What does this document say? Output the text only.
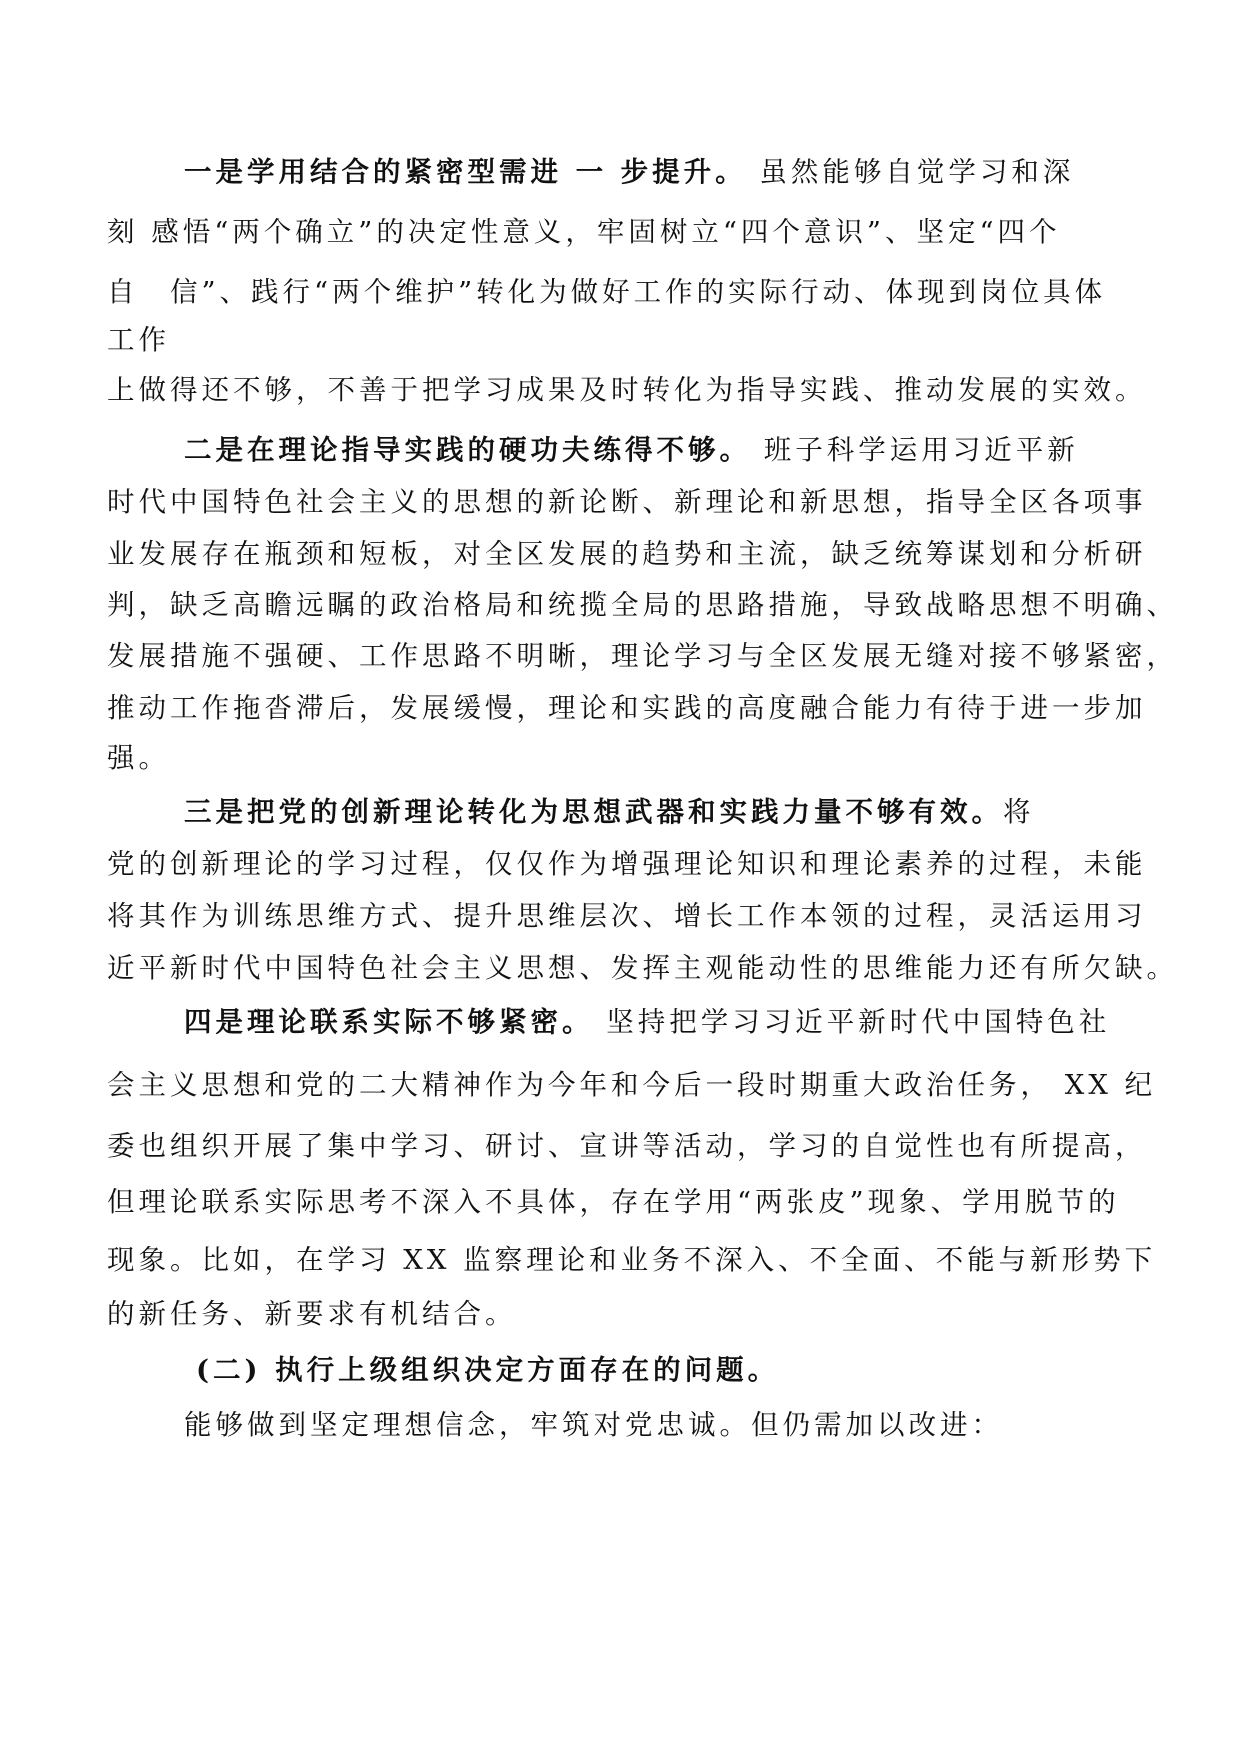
一是学用结合的紧密型需进 一 步提升。 虽然能够自觉学习和深

刻 感悟“两个确立”的决定性意义，牢固树立“四个意识”、坚定“四个

自　信”、践行“两个维护”转化为做好工作的实际行动、体现到岗位具体

工作

上做得还不够，不善于把学习成果及时转化为指导实践、推动发展的实效。

二是在理论指导实践的硬功夫练得不够。 班子科学运用习近平新

时代中国特色社会主义的思想的新论断、新理论和新思想，指导全区各项事

业发展存在瓶颈和短板，对全区发展的趋势和主流，缺乏统筹谋划和分析研

判，缺乏高瞻远瞩的政治格局和统揽全局的思路措施，导致战略思想不明确、

发展措施不强硬、工作思路不明晰，理论学习与全区发展无缝对接不够紧密，

推动工作拖沓滞后，发展缓慢，理论和实践的高度融合能力有待于进一步加

强。

三是把党的创新理论转化为思想武器和实践力量不够有效。将

党的创新理论的学习过程，仅仅作为增强理论知识和理论素养的过程，未能

将其作为训练思维方式、提升思维层次、增长工作本领的过程，灵活运用习

近平新时代中国特色社会主义思想、发挥主观能动性的思维能力还有所欠缺。

四是理论联系实际不够紧密。 坚持把学习习近平新时代中国特色社

会主义思想和党的二大精神作为今年和今后一段时期重大政治任务， XX 纪

委也组织开展了集中学习、研讨、宣讲等活动，学习的自觉性也有所提高，

但理论联系实际思考不深入不具体，存在学用“两张皮”现象、学用脱节的

现象。比如，在学习 XX 监察理论和业务不深入、不全面、不能与新形势下

的新任务、新要求有机结合。

(二) 执行上级组织决定方面存在的问题。

能够做到坚定理想信念，牢筑对党忠诚。但仍需加以改进：
